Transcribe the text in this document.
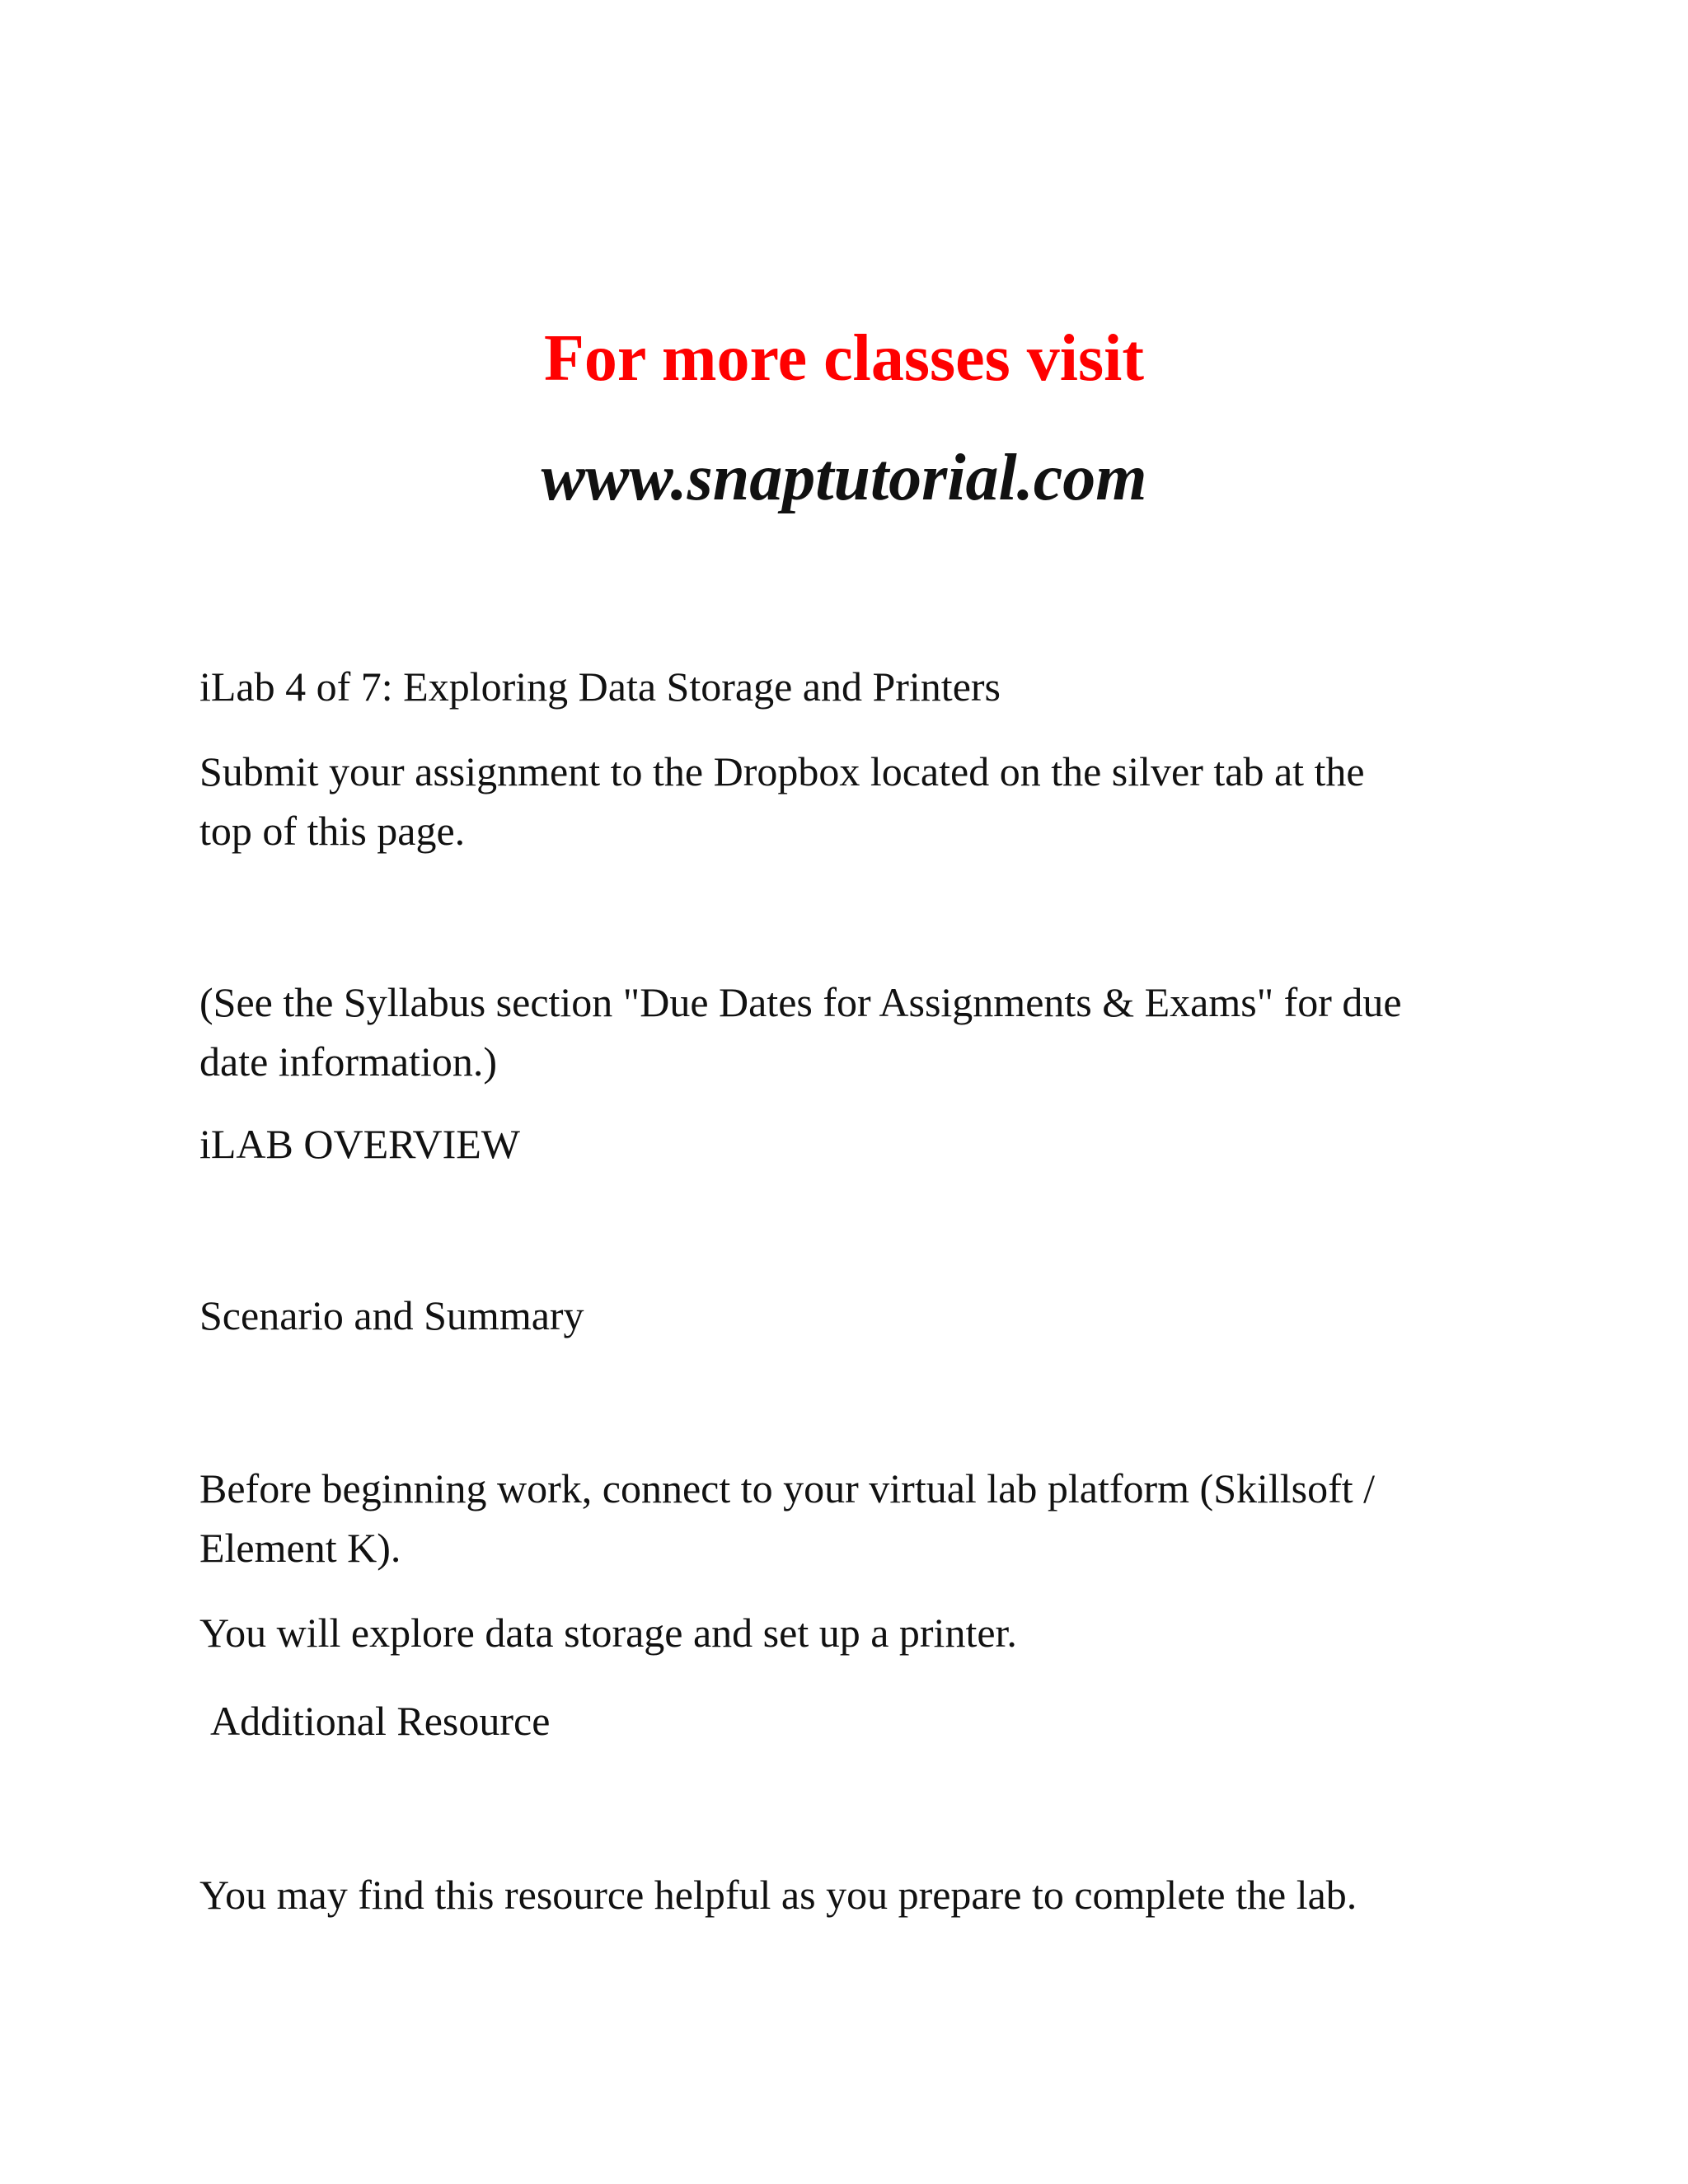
For more classes visit
www.snaptutorial.com
iLab 4 of 7: Exploring Data Storage and Printers
Submit your assignment to the Dropbox located on the silver tab at the
top of this page.
(See the Syllabus section "Due Dates for Assignments & Exams" for due
date information.)
iLAB OVERVIEW
Scenario and Summary
Before beginning work, connect to your virtual lab platform (Skillsoft /
Element K).
You will explore data storage and set up a printer.
Additional Resource
You may find this resource helpful as you prepare to complete the lab.
